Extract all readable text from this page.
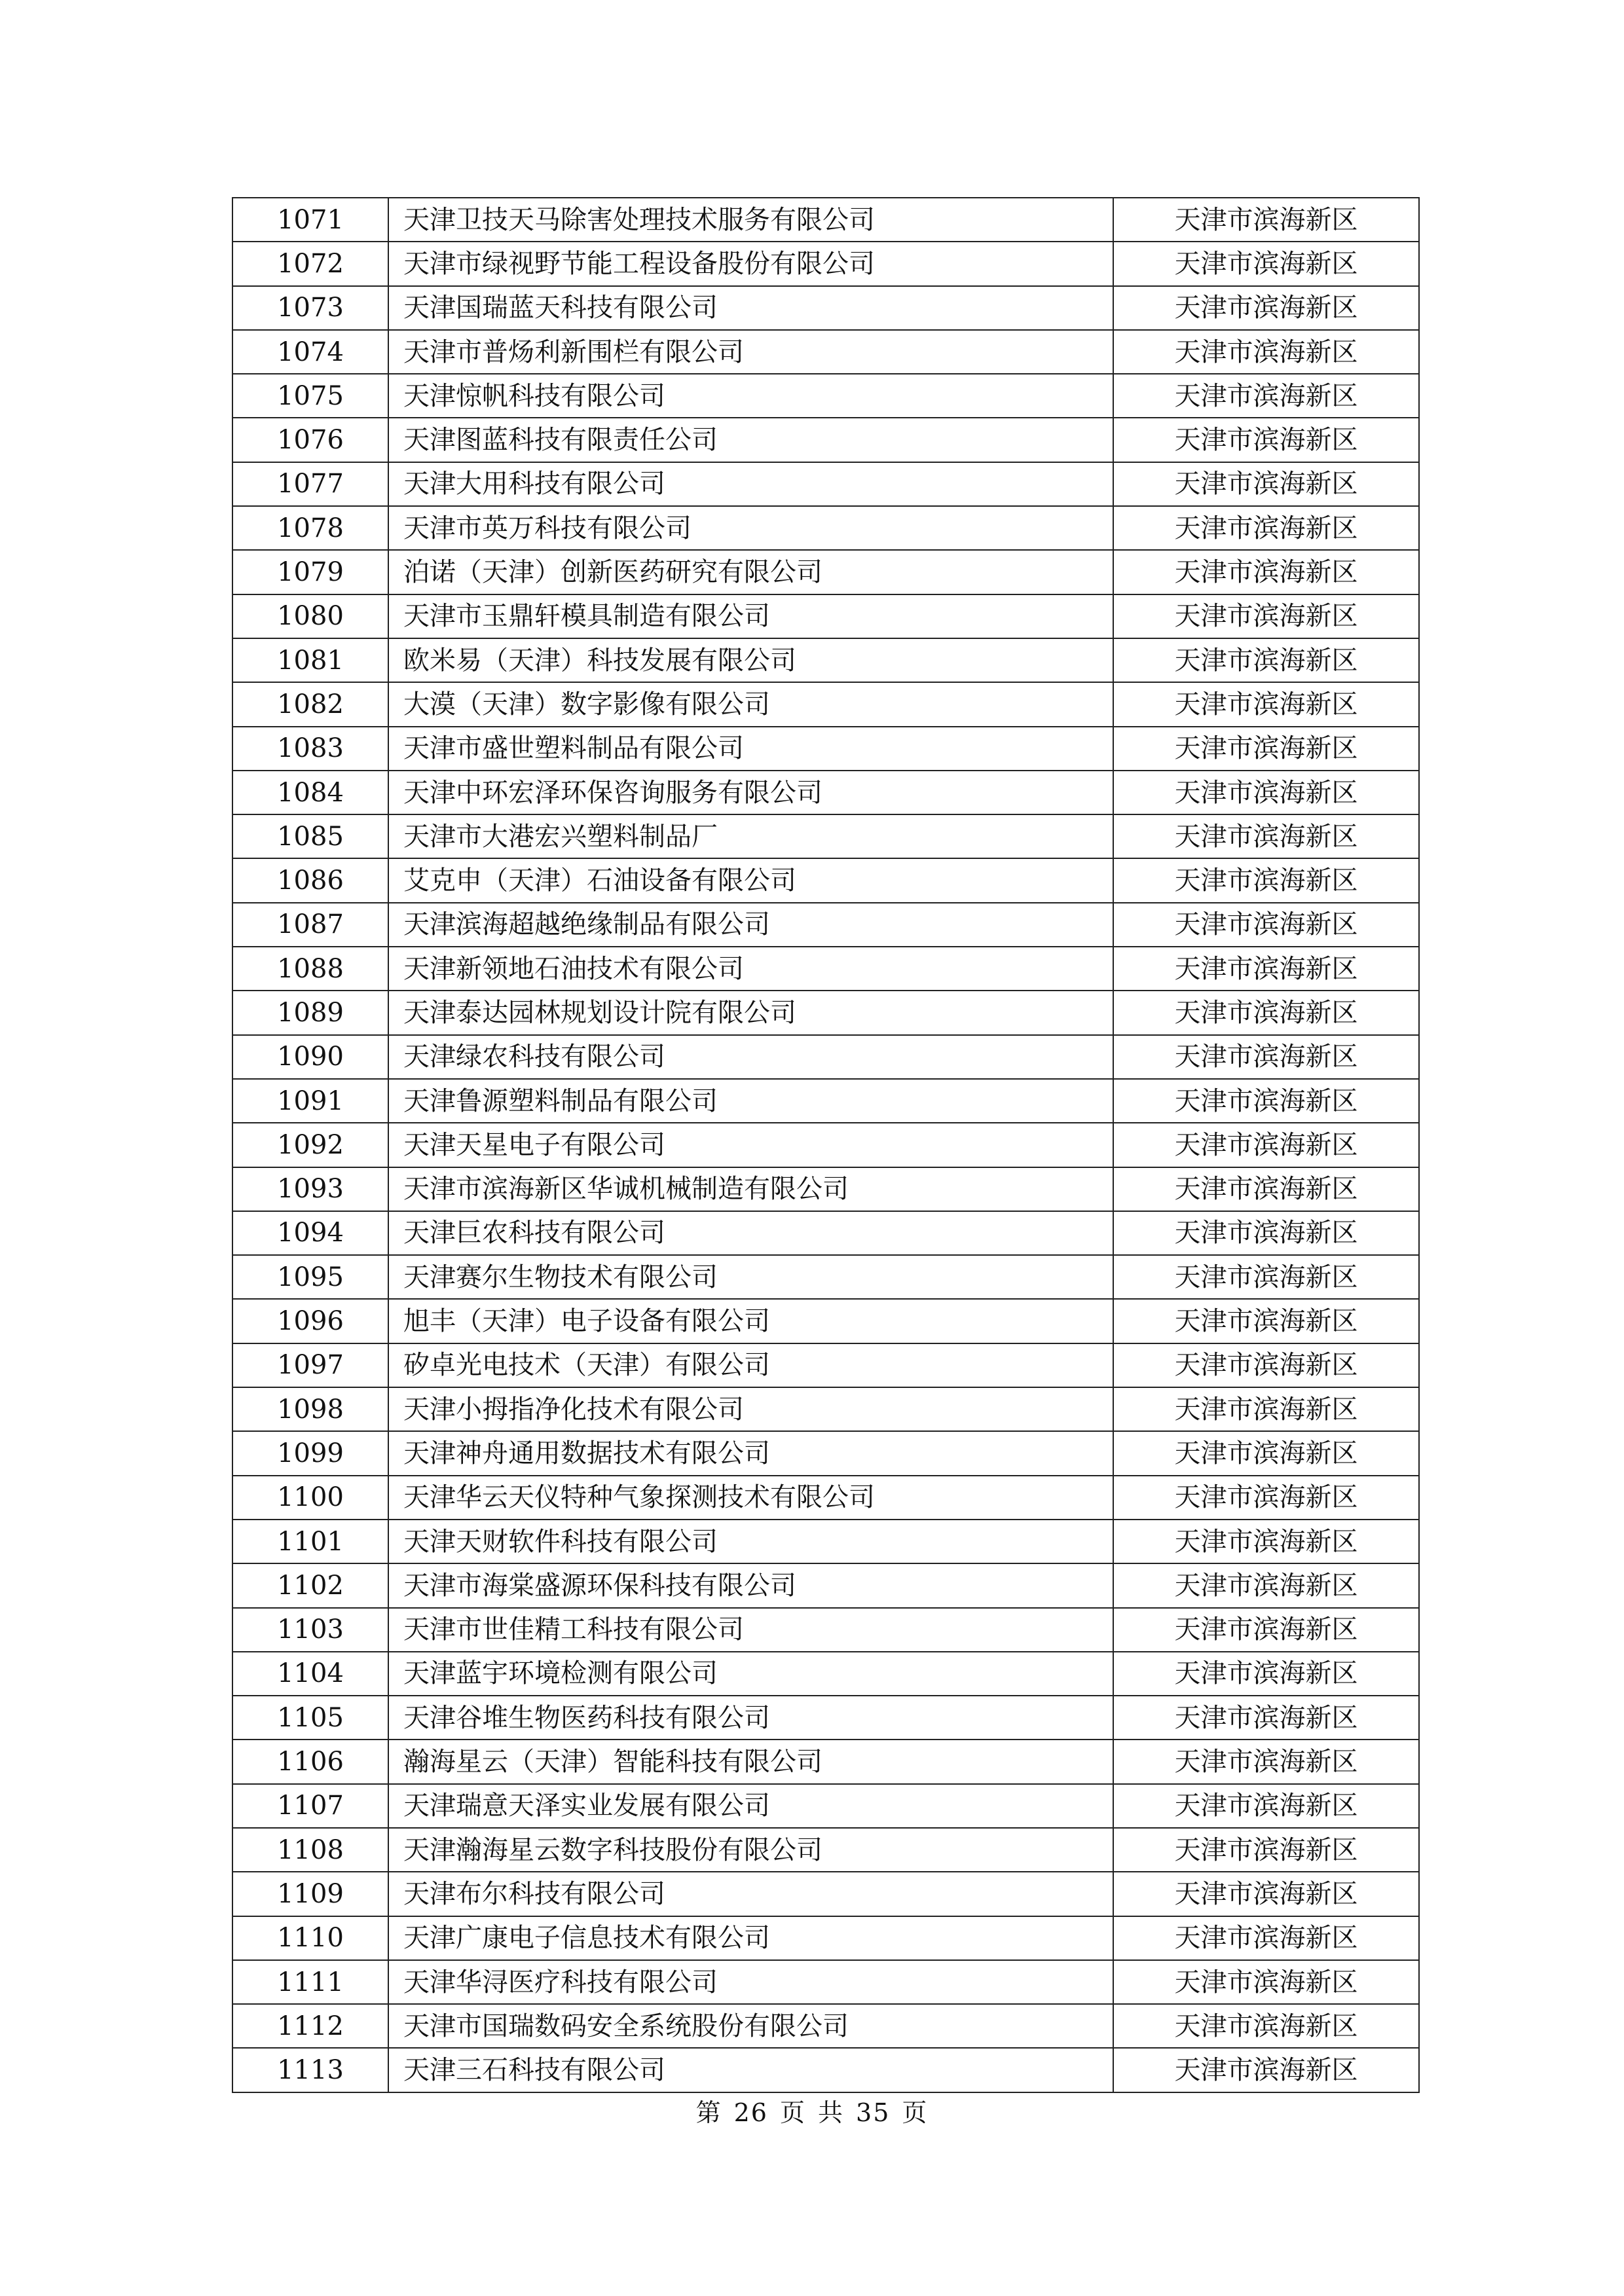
1071	天津卫技天马除害处理技术服务有限公司	天津市滨海新区
1072	天津市绿视野节能工程设备股份有限公司	天津市滨海新区
1073	天津国瑞蓝天科技有限公司	天津市滨海新区
1074	天津市普炀利新围栏有限公司	天津市滨海新区
1075	天津惊帆科技有限公司	天津市滨海新区
1076	天津图蓝科技有限责任公司	天津市滨海新区
1077	天津大用科技有限公司	天津市滨海新区
1078	天津市英万科技有限公司	天津市滨海新区
1079	泊诺（天津）创新医药研究有限公司	天津市滨海新区
1080	天津市玉鼎轩模具制造有限公司	天津市滨海新区
1081	欧米易（天津）科技发展有限公司	天津市滨海新区
1082	大漠（天津）数字影像有限公司	天津市滨海新区
1083	天津市盛世塑料制品有限公司	天津市滨海新区
1084	天津中环宏泽环保咨询服务有限公司	天津市滨海新区
1085	天津市大港宏兴塑料制品厂	天津市滨海新区
1086	艾克申（天津）石油设备有限公司	天津市滨海新区
1087	天津滨海超越绝缘制品有限公司	天津市滨海新区
1088	天津新领地石油技术有限公司	天津市滨海新区
1089	天津泰达园林规划设计院有限公司	天津市滨海新区
1090	天津绿农科技有限公司	天津市滨海新区
1091	天津鲁源塑料制品有限公司	天津市滨海新区
1092	天津天星电子有限公司	天津市滨海新区
1093	天津市滨海新区华诚机械制造有限公司	天津市滨海新区
1094	天津巨农科技有限公司	天津市滨海新区
1095	天津赛尔生物技术有限公司	天津市滨海新区
1096	旭丰（天津）电子设备有限公司	天津市滨海新区
1097	矽卓光电技术（天津）有限公司	天津市滨海新区
1098	天津小拇指净化技术有限公司	天津市滨海新区
1099	天津神舟通用数据技术有限公司	天津市滨海新区
1100	天津华云天仪特种气象探测技术有限公司	天津市滨海新区
1101	天津天财软件科技有限公司	天津市滨海新区
1102	天津市海棠盛源环保科技有限公司	天津市滨海新区
1103	天津市世佳精工科技有限公司	天津市滨海新区
1104	天津蓝宇环境检测有限公司	天津市滨海新区
1105	天津谷堆生物医药科技有限公司	天津市滨海新区
1106	瀚海星云（天津）智能科技有限公司	天津市滨海新区
1107	天津瑞意天泽实业发展有限公司	天津市滨海新区
1108	天津瀚海星云数字科技股份有限公司	天津市滨海新区
1109	天津布尔科技有限公司	天津市滨海新区
1110	天津广康电子信息技术有限公司	天津市滨海新区
1111	天津华浔医疗科技有限公司	天津市滨海新区
1112	天津市国瑞数码安全系统股份有限公司	天津市滨海新区
1113	天津三石科技有限公司	天津市滨海新区
第 26 页 共 35 页
